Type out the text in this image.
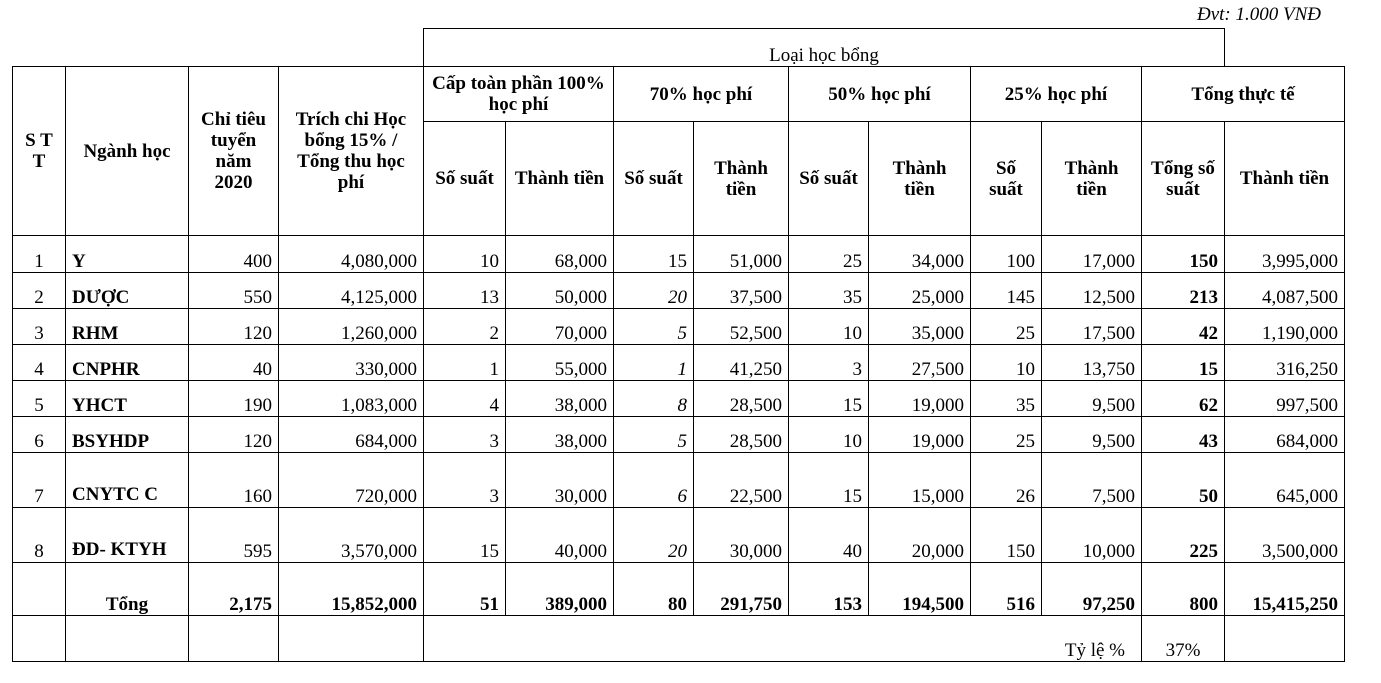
Đvt: 1.000 VNĐ
				Loại học bổng									
S T T	Ngành học	Chỉ tiêu tuyển năm 2020	Trích chi Học bổng 15% / Tổng thu học phí	Cấp toàn phần 100% học phí		70% học phí		50% học phí		25% học phí		Tổng thực tế	
				Số suất	Thành tiền	Số suất	Thành tiền	Số suất	Thành tiền	Số suất	Thành tiền	Tổng số suất	Thành tiền
1	Y	400	4,080,000	10	68,000	15	51,000	25	34,000	100	17,000	150	3,995,000
2	DƯỢC	550	4,125,000	13	50,000	20	37,500	35	25,000	145	12,500	213	4,087,500
3	RHM	120	1,260,000	2	70,000	5	52,500	10	35,000	25	17,500	42	1,190,000
4	CNPHR	40	330,000	1	55,000	1	41,250	3	27,500	10	13,750	15	316,250
5	YHCT	190	1,083,000	4	38,000	8	28,500	15	19,000	35	9,500	62	997,500
6	BSYHDP	120	684,000	3	38,000	5	28,500	10	19,000	25	9,500	43	684,000
7	CNYTC C	160	720,000	3	30,000	6	22,500	15	15,000	26	7,500	50	645,000
8	ĐD- KTYH	595	3,570,000	15	40,000	20	30,000	40	20,000	150	10,000	225	3,500,000
	Tổng	2,175	15,852,000	51	389,000	80	291,750	153	194,500	516	97,250	800	15,415,250
				Tỷ lệ %								37%	
